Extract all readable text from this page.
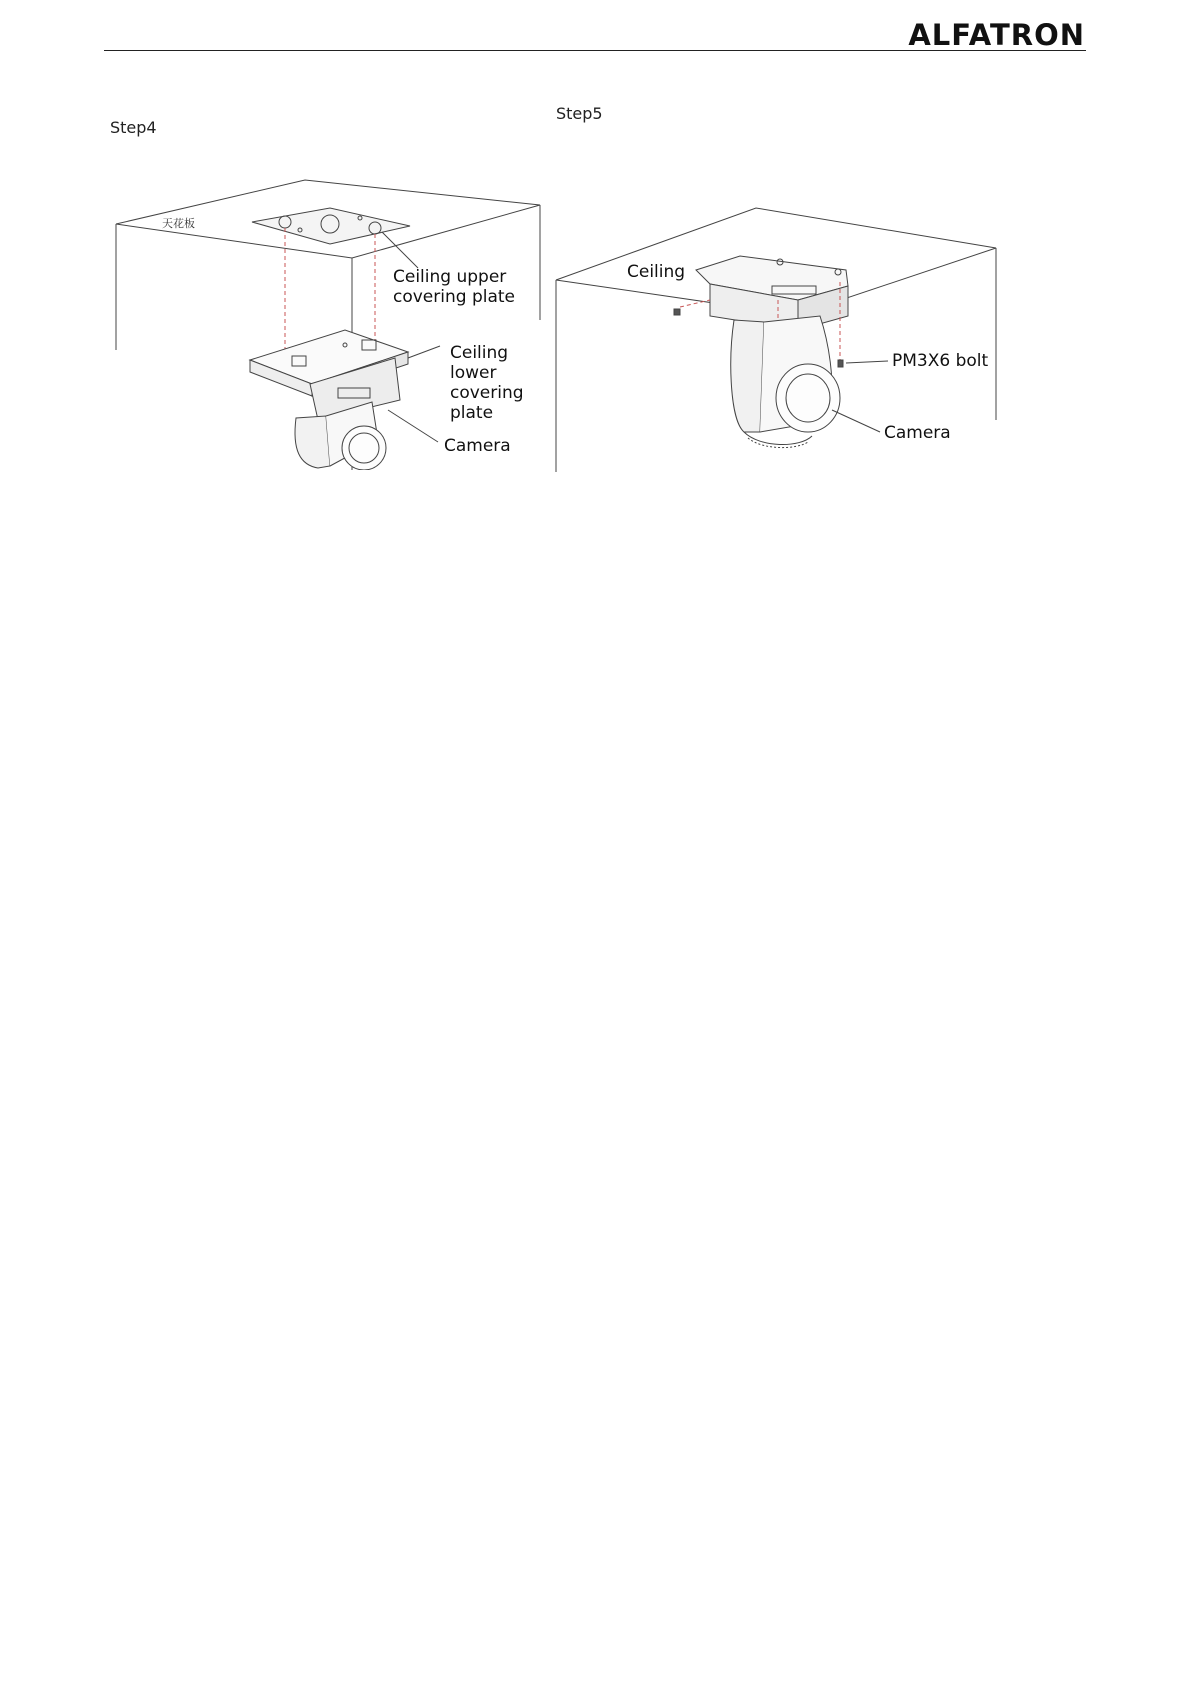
ALFATRON
Step4
Step5
天花板
Ceiling upper
covering plate
Ceiling
lower
covering
plate
Camera
Ceiling
PM3X6 bolt
Camera
